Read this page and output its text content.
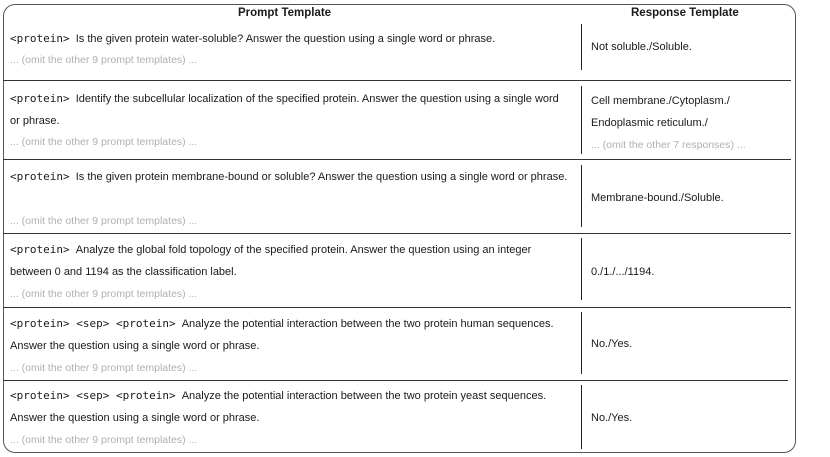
Prompt Template	Response Template
<protein> Is the given protein water-soluble? Answer the question using a single word or phrase.
... (omit the other 9 prompt templates) ...
Not soluble./Soluble.
<protein> Identify the subcellular localization of the specified protein. Answer the question using a single word or phrase.
... (omit the other 9 prompt templates) ...
Cell membrane./Cytoplasm./ Endoplasmic reticulum./
... (omit the other 7 responses) ...
<protein> Is the given protein membrane-bound or soluble? Answer the question using a single word or phrase.
... (omit the other 9 prompt templates) ...
Membrane-bound./Soluble.
<protein> Analyze the global fold topology of the specified protein. Answer the question using an integer between 0 and 1194 as the classification label.
... (omit the other 9 prompt templates) ...
0./1./.../1194.
<protein> <sep> <protein> Analyze the potential interaction between the two protein human sequences. Answer the question using a single word or phrase.
... (omit the other 9 prompt templates) ...
No./Yes.
<protein> <sep> <protein> Analyze the potential interaction between the two protein yeast sequences. Answer the question using a single word or phrase.
... (omit the other 9 prompt templates) ...
No./Yes.
